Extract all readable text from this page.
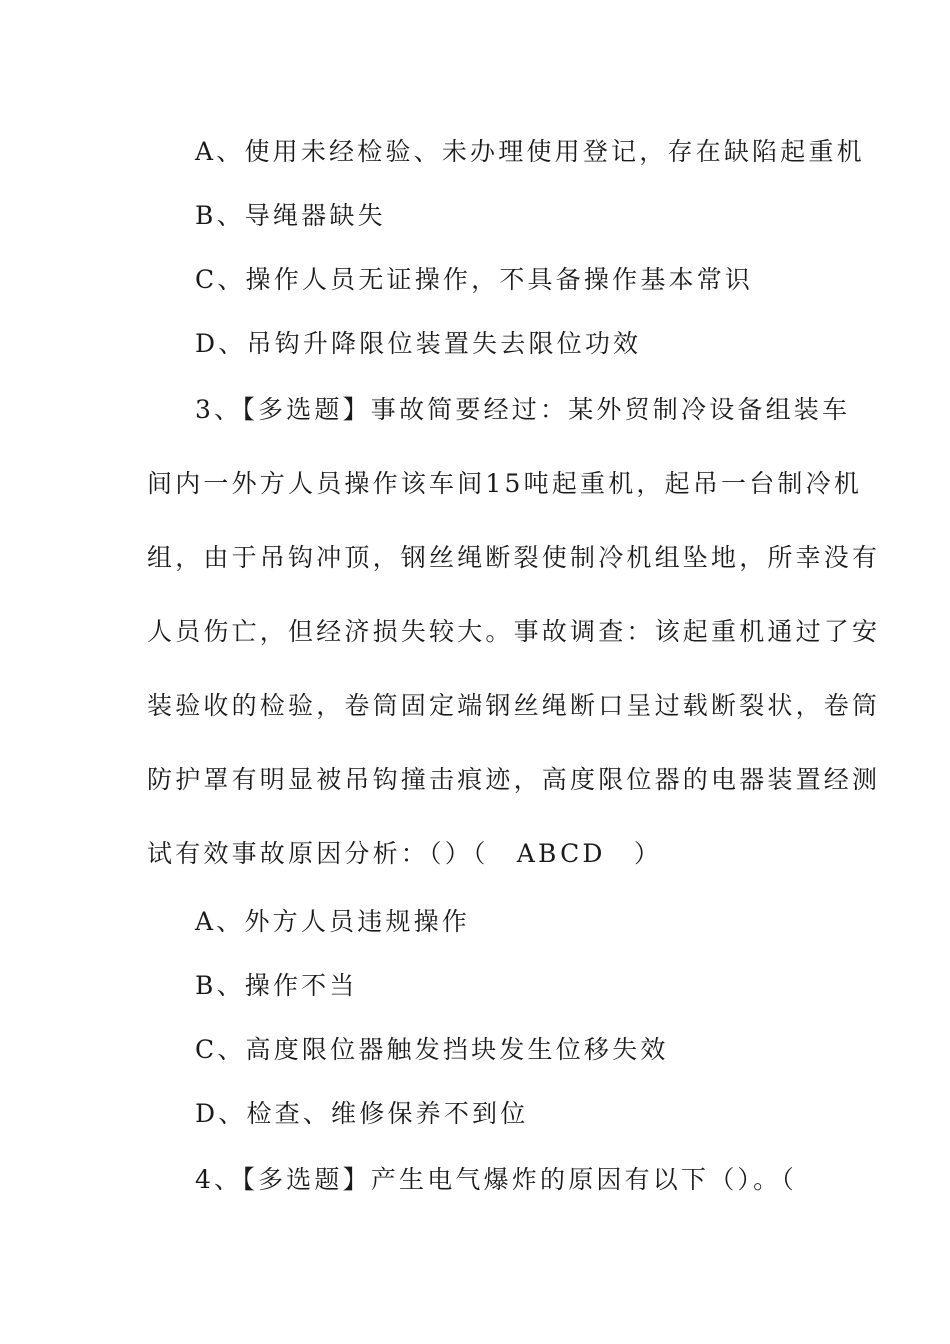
A、使用未经检验、未办理使用登记，存在缺陷起重机
B、导绳器缺失
C、操作人员无证操作，不具备操作基本常识
D、吊钩升降限位装置失去限位功效
3、【多选题】事故简要经过：某外贸制冷设备组装车
间内一外方人员操作该车间15吨起重机，起吊一台制冷机
组，由于吊钩冲顶，钢丝绳断裂使制冷机组坠地，所幸没有
人员伤亡，但经济损失较大。事故调查：该起重机通过了安
装验收的检验，卷筒固定端钢丝绳断口呈过载断裂状，卷筒
防护罩有明显被吊钩撞击痕迹，高度限位器的电器装置经测
试有效事故原因分析：（）（　ABCD　）
A、外方人员违规操作
B、操作不当
C、高度限位器触发挡块发生位移失效
D、检查、维修保养不到位
4、【多选题】产生电气爆炸的原因有以下（）。（
